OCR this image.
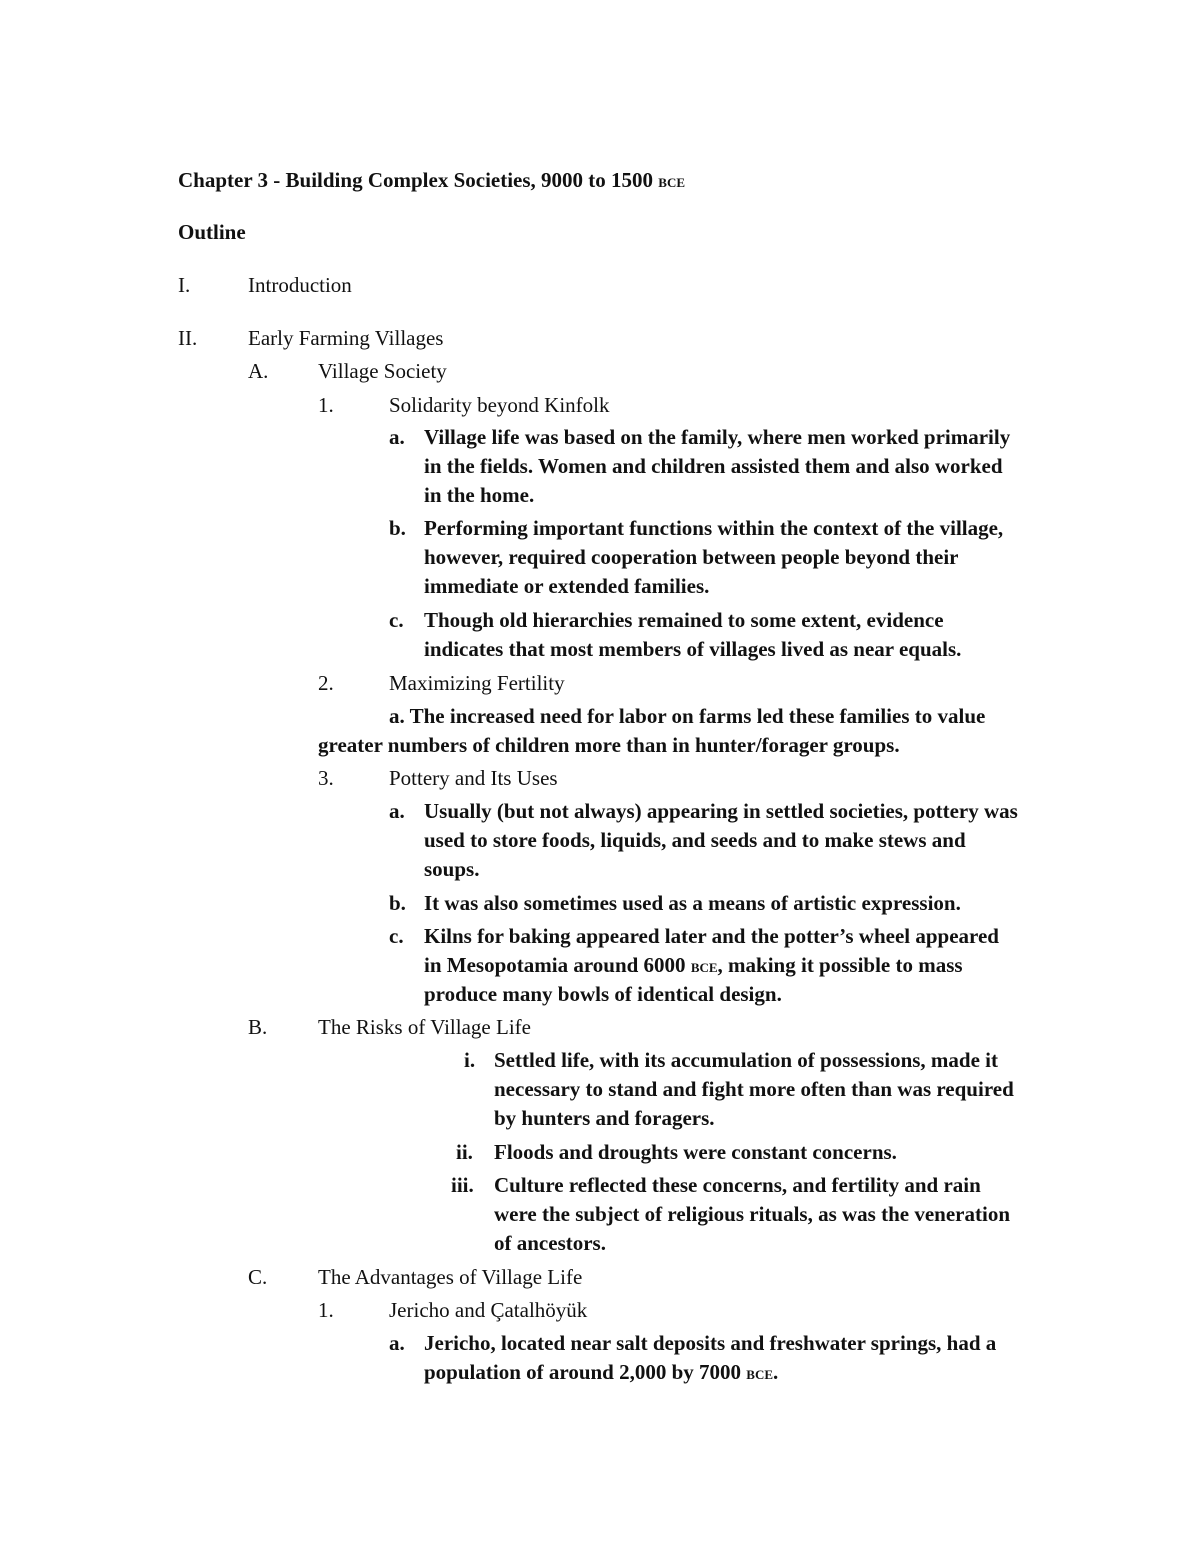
Chapter 3 - Building Complex Societies, 9000 to 1500 bce
Outline
I.	Introduction
II. Early Farming Villages
A. Village Society
1.	Solidarity beyond Kinfolk
a. Village life was based on the family, where men worked primarily in the fields. Women and children assisted them and also worked in the home.
b. Performing important functions within the context of the village, however, required cooperation between people beyond their immediate or extended families.
c. Though old hierarchies remained to some extent, evidence indicates that most members of villages lived as near equals.
2.	Maximizing Fertility
a. The increased need for labor on farms led these families to value
greater numbers of children more than in hunter/forager groups.
3.	Pottery and Its Uses
a. Usually (but not always) appearing in settled societies, pottery was used to store foods, liquids, and seeds and to make stews and soups.
b. It was also sometimes used as a means of artistic expression.
c. Kilns for baking appeared later and the potter’s wheel appeared
in Mesopotamia around 6000 bce, making it possible to mass
produce many bowls of identical design.
B. The Risks of Village Life
i. Settled life, with its accumulation of possessions, made it necessary to stand and fight more often than was required by hunters and foragers.
ii. Floods and droughts were constant concerns.
iii. Culture reflected these concerns, and fertility and rain were the subject of religious rituals, as was the veneration of ancestors.
C. The Advantages of Village Life
1.	Jericho and Çatalhöyük
a. Jericho, located near salt deposits and freshwater springs, had a
population of around 2,000 by 7000 bce.
